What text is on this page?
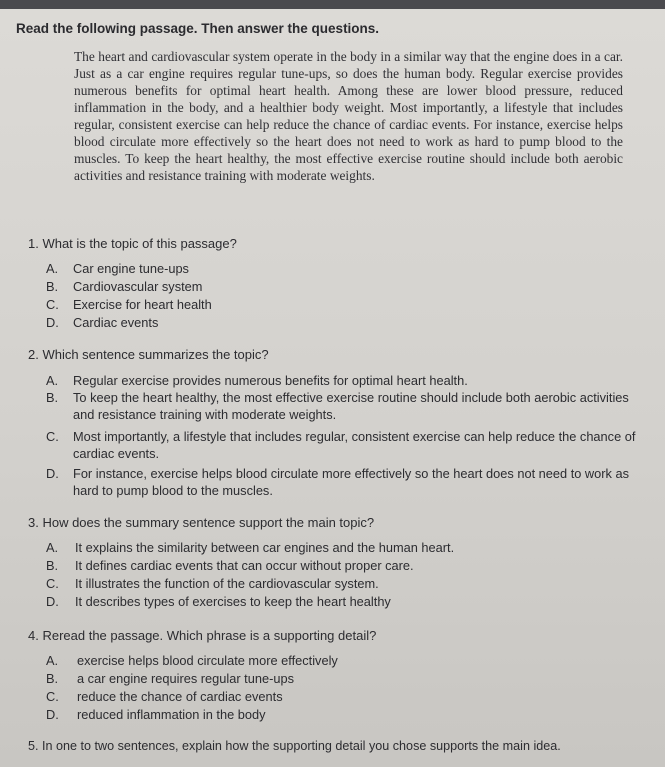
Read the following passage. Then answer the questions.
The heart and cardiovascular system operate in the body in a similar way that the engine does in a car. Just as a car engine requires regular tune-ups, so does the human body. Regular exercise provides numerous benefits for optimal heart health. Among these are lower blood pressure, reduced inflammation in the body, and a healthier body weight. Most importantly, a lifestyle that includes regular, consistent exercise can help reduce the chance of cardiac events. For instance, exercise helps blood circulate more effectively so the heart does not need to work as hard to pump blood to the muscles. To keep the heart healthy, the most effective exercise routine should include both aerobic activities and resistance training with moderate weights.
1. What is the topic of this passage?
A. Car engine tune-ups
B. Cardiovascular system
C. Exercise for heart health
D. Cardiac events
2. Which sentence summarizes the topic?
A. Regular exercise provides numerous benefits for optimal heart health.
B. To keep the heart healthy, the most effective exercise routine should include both aerobic activities and resistance training with moderate weights.
C. Most importantly, a lifestyle that includes regular, consistent exercise can help reduce the chance of cardiac events.
D. For instance, exercise helps blood circulate more effectively so the heart does not need to work as hard to pump blood to the muscles.
3. How does the summary sentence support the main topic?
A. It explains the similarity between car engines and the human heart.
B. It defines cardiac events that can occur without proper care.
C. It illustrates the function of the cardiovascular system.
D. It describes types of exercises to keep the heart healthy
4. Reread the passage. Which phrase is a supporting detail?
A. exercise helps blood circulate more effectively
B. a car engine requires regular tune-ups
C. reduce the chance of cardiac events
D. reduced inflammation in the body
5. In one to two sentences, explain how the supporting detail you chose supports the main idea.
